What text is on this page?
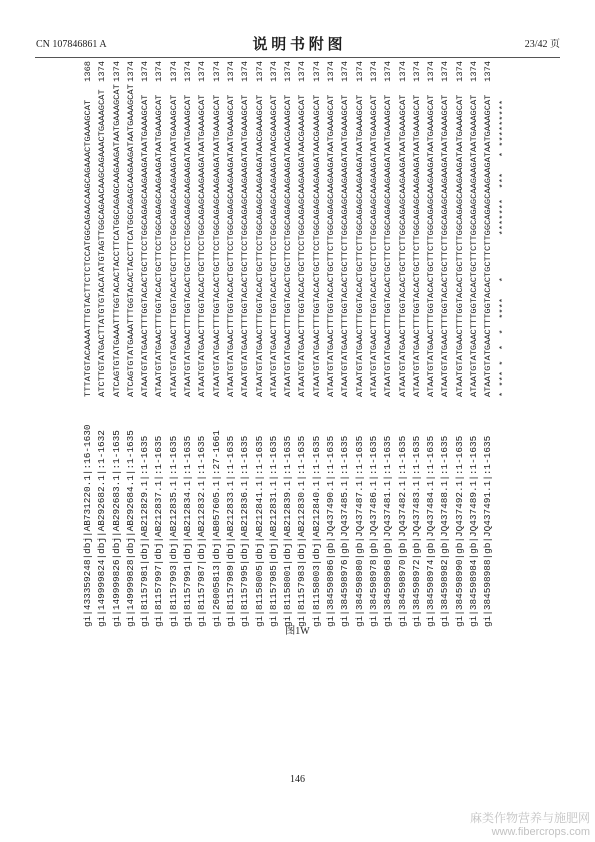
CN 107846861 A	说 明 书 附 图	23/42 页
gi|433359248|dbj|AB731220.1|:16-1630
TTTATGTACAAAATTTGTACTTCTCTCCATGGCAGAACAAGCAGAAACTGAAAGCAT
1368
gi|149999824|dbj|AB292682.1|:1-1632
ATCTTGTATGACTTATGTGTACATATGTAGTTGGCAGAACAAGCAGAAACTGAAAGCAT
1374
gi|149999826|dbj|AB292683.1|:1-1635
ATCAGTGTATGAAATTTGGTACACTACCTTCATGGCAGAGCAAGAAGATAATGAAAGCAT
1374
gi|149999828|dbj|AB292684.1|:1-1635
ATCAGTGTATGAAATTTGGTACACTACCTTCATGGCAGAGCAAGAAGATAATGAAAGCAT
1374
gi|81157981|dbj|AB212829.1|:1-1635
ATAATGTATGAACTTTGGTACACTGCTTCCTGGCAGAGCAAGAAGATAATGAAAGCAT
1374
gi|81157997|dbj|AB212837.1|:1-1635
ATAATGTATGAACTTTGGTACACTGCTTCCTGGCAGAGCAAGAAGATAATGAAAGCAT
1374
gi|81157993|dbj|AB212835.1|:1-1635
ATAATGTATGAACTTTGGTACACTGCTTCCTGGCAGAGCAAGAAGATAATGAAAGCAT
1374
gi|81157991|dbj|AB212834.1|:1-1635
ATAATGTATGAACTTTGGTACACTGCTTCCTGGCAGAGCAAGAAGATAATGAAAGCAT
1374
gi|81157987|dbj|AB212832.1|:1-1635
ATAATGTATGAACTTTGGTACACTGCTTCCTGGCAGAGCAAGAAGATAATGAAAGCAT
1374
gi|26005813|dbj|AB057605.1|:27-1661
ATAATGTATGAACTTTGGTACACTGCTTCCTGGCAGAGCAAGAAGATAATGAAAGCAT
1374
gi|81157989|dbj|AB212833.1|:1-1635
ATAATGTATGAACTTTGGTACACTGCTTCCTGGCAGAGCAAGAAGATAATGAAAGCAT
1374
gi|81157995|dbj|AB212836.1|:1-1635
ATAATGTATGAACTTTGGTACACTGCTTCCTGGCAGAGCAAGAAGATAATGAAAGCAT
1374
gi|81158005|dbj|AB212841.1|:1-1635
ATAATGTATGAACTTTGGTACACTGCTTCCTGGCAGAGCAAGAAGATAACGAAAGCAT
1374
gi|81157985|dbj|AB212831.1|:1-1635
ATAATGTATGAACTTTGGTACACTGCTTCCTGGCAGAGCAAGAAGATAACGAAAGCAT
1374
gi|81158001|dbj|AB212839.1|:1-1635
ATAATGTATGAACTTTGGTACACTGCTTCCTGGCAGAGCAAGAAGATAACGAAAGCAT
1374
gi|81157983|dbj|AB212830.1|:1-1635
ATAATGTATGAACTTTGGTACACTGCTTCCTGGCAGAGCAAGAAGATAACGAAAGCAT
1374
gi|81158003|dbj|AB212840.1|:1-1635
ATAATGTATGAACTTTGGTACACTGCTTCCTGGCAGAGCAAGAAGATAACGAAAGCAT
1374
gi|384598986|gb|JQ437490.1|:1-1635
ATAATGTATGAACTTTGGTACACTGCTTCTTGGCAGAGCAAGAAGATAATGAAAGCAT
1374
gi|384598976|gb|JQ437485.1|:1-1635
ATAATGTATGAACTTTGGTACACTGCTTCTTGGCAGAGCAAGAAGATAATGAAAGCAT
1374
gi|384598980|gb|JQ437487.1|:1-1635
ATAATGTATGAACTTTGGTACACTGCTTCTTGGCAGAGCAAGAAGATAATGAAAGCAT
1374
gi|384598978|gb|JQ437486.1|:1-1635
ATAATGTATGAACTTTGGTACACTGCTTCTTGGCAGAGCAAGAAGATAATGAAAGCAT
1374
gi|384598968|gb|JQ437481.1|:1-1635
ATAATGTATGAACTTTGGTACACTGCTTCTTGGCAGAGCAAGAAGATAATGAAAGCAT
1374
gi|384598970|gb|JQ437482.1|:1-1635
ATAATGTATGAACTTTGGTACACTGCTTCTTGGCAGAGCAAGAAGATAATGAAAGCAT
1374
gi|384598972|gb|JQ437483.1|:1-1635
ATAATGTATGAACTTTGGTACACTGCTTCTTGGCAGAGCAAGAAGATAATGAAAGCAT
1374
gi|384598974|gb|JQ437484.1|:1-1635
ATAATGTATGAACTTTGGTACACTGCTTCTTGGCAGAGCAAGAAGATAATGAAAGCAT
1374
gi|384598982|gb|JQ437488.1|:1-1635
ATAATGTATGAACTTTGGTACACTGCTTCTTGGCAGAGCAAGAAGATAATGAAAGCAT
1374
gi|384598990|gb|JQ437492.1|:1-1635
ATAATGTATGAACTTTGGTACACTGCTTCTTGGCAGAGCAAGAAGATAATGAAAGCAT
1374
gi|384598984|gb|JQ437489.1|:1-1635
ATAATGTATGAACTTTGGTACACTGCTTCTTGGCAGAGCAAGAAGATAATGAAAGCAT
1374
gi|384598988|gb|JQ437491.1|:1-1635
ATAATGTATGAACTTTGGTACACTGCTTCTTGGCAGAGCAAGAAGATAATGAAAGCAT
1374
* *** *  *  *  ****   *        *******  ***   * *********
图1W
146
麻类作物营养与施肥网
www.fibercrops.com
